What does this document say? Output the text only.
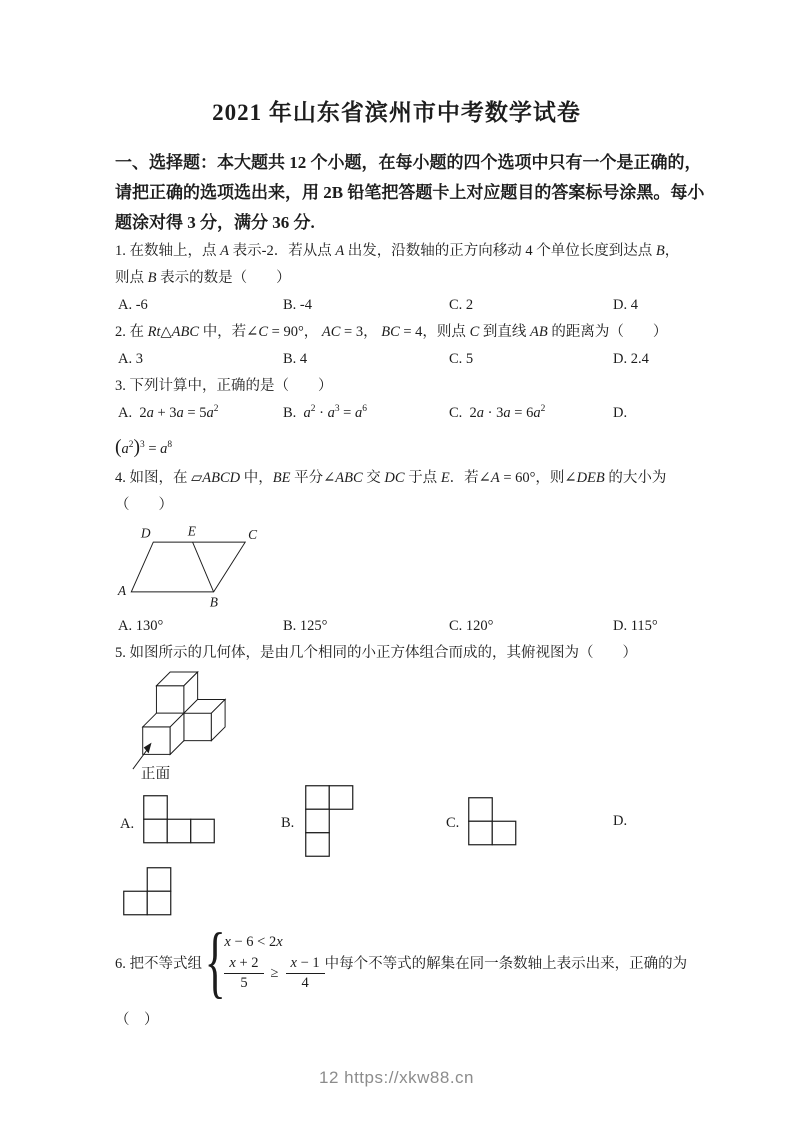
2021 年山东省滨州市中考数学试卷
一、选择题：本大题共 12 个小题，在每小题的四个选项中只有一个是正确的，
请把正确的选项选出来，用 2B 铅笔把答题卡上对应题目的答案标号涂黑。每小
题涂对得 3 分，满分 36 分.
1. 在数轴上，点 A 表示-2．若从点 A 出发，沿数轴的正方向移动 4 个单位长度到达点 B，
则点 B 表示的数是（　　）
A. -6	B. -4	C. 2	D. 4
2. 在 Rt△ABC 中，若∠C = 90°， AC = 3， BC = 4，则点 C 到直线 AB 的距离为（　　）
A. 3	B. 4	C. 5	D. 2.4
3. 下列计算中，正确的是（　　）
A. $2a + 3a = 5a^2$	B. $a^2 \cdot a^3 = a^6$	C. $2a \cdot 3a = 6a^2$	D.
$(a^2)^3 = a^8$
4. 如图，在 ▱ABCD 中，BE 平分∠ABC 交 DC 于点 E．若∠A = 60°，则∠DEB 的大小为
（　　）
D	E	C
A
B
A. 130°	B. 125°	C. 120°	D. 115°
5. 如图所示的几何体，是由几个相同的小正方体组合而成的，其俯视图为（　　）
正面
A.	B.	C.	D.
6. 把不等式组 {
x − 6 < 2x
$\frac{x + 2}{5} \ge \frac{x - 1}{4}$ 中每个不等式的解集在同一条数轴上表示出来，正确的为
（　）
12 https://xkw88.cn
